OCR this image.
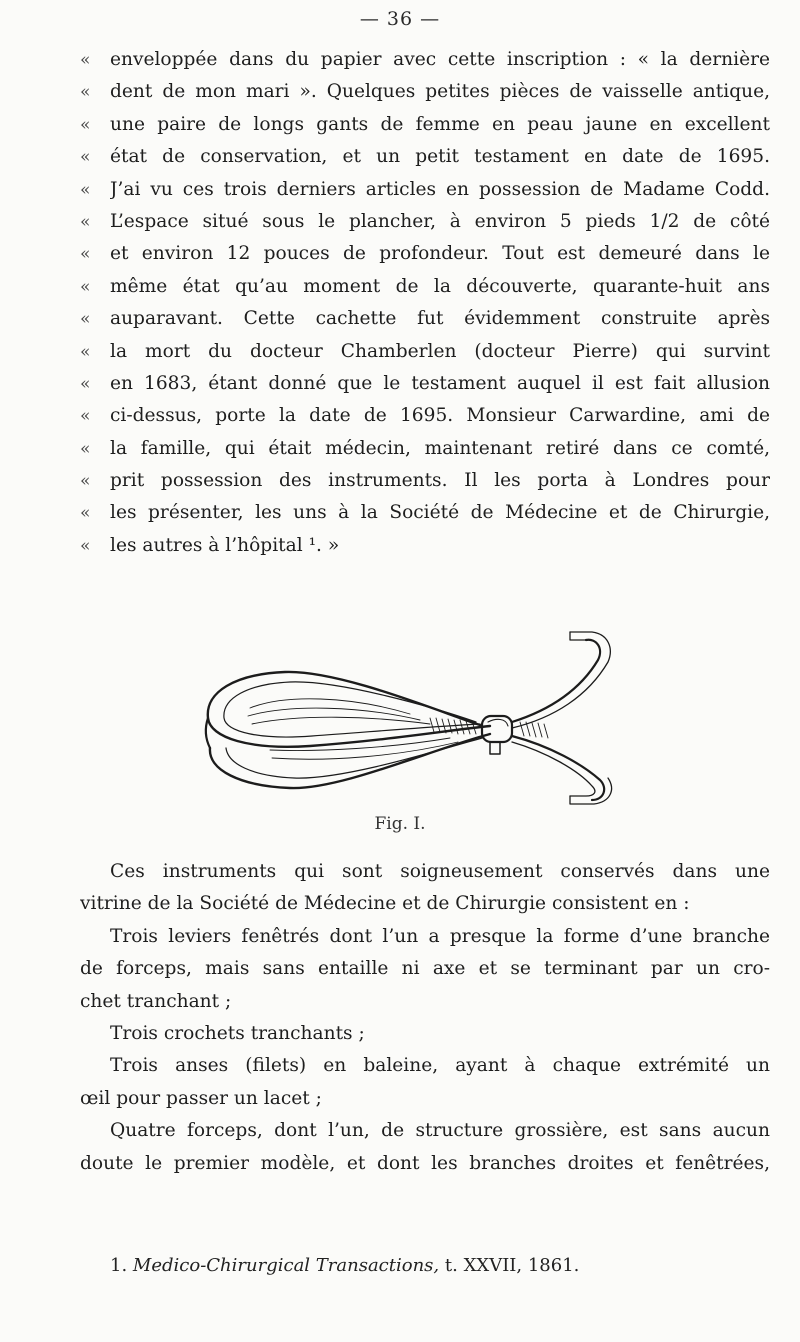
— 36 —
«	enveloppée dans du papier avec cette inscription : « la dernière
«	dent de mon mari ». Quelques petites pièces de vaisselle antique,
«	une paire de longs gants de femme en peau jaune en excellent
«	état de conservation, et un petit testament en date de 1695.
«	J’ai vu ces trois derniers articles en possession de Madame Codd.
«	L’espace situé sous le plancher, à environ 5 pieds 1/2 de côté
«	et environ 12 pouces de profondeur. Tout est demeuré dans le
«	même état qu’au moment de la découverte, quarante-huit ans
«	auparavant. Cette cachette fut évidemment construite après
«	la mort du docteur Chamberlen (docteur Pierre) qui survint
«	en 1683, étant donné que le testament auquel il est fait allusion
«	ci-dessus, porte la date de 1695. Monsieur Carwardine, ami de
«	la famille, qui était médecin, maintenant retiré dans ce comté,
«	prit possession des instruments. Il les porta à Londres pour
«	les présenter, les uns à la Société de Médecine et de Chirurgie,
«	les autres à l’hôpital ¹. »
Fig. I.
Ces instruments qui sont soigneusement conservés dans une
vitrine de la Société de Médecine et de Chirurgie consistent en :
Trois leviers fenêtrés dont l’un a presque la forme d’une branche
de forceps, mais sans entaille ni axe et se terminant par un cro-
chet tranchant ;
Trois crochets tranchants ;
Trois anses (filets) en baleine, ayant à chaque extrémité un
œil pour passer un lacet ;
Quatre forceps, dont l’un, de structure grossière, est sans aucun
doute le premier modèle, et dont les branches droites et fenêtrées,
1. Medico-Chirurgical Transactions, t. XXVII, 1861.
